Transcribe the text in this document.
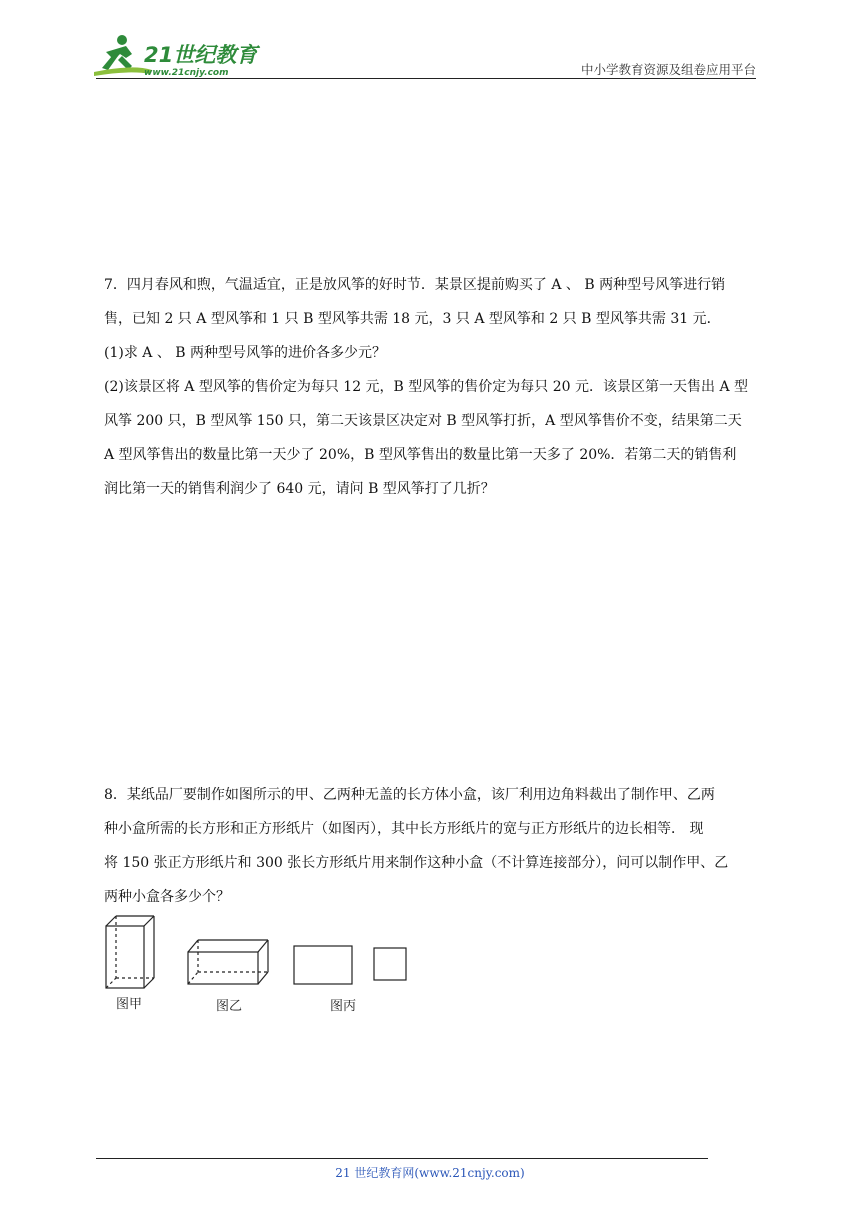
21世纪教育
www.21cnjy.com	中小学教育资源及组卷应用平台

7．四月春风和煦，气温适宜，正是放风筝的好时节．某景区提前购买了 A 、 B 两种型号风筝进行销

售，已知 2 只 A 型风筝和 1 只 B 型风筝共需 18 元，3 只 A 型风筝和 2 只 B 型风筝共需 31 元．

(1)求 A 、 B 两种型号风筝的进价各多少元？

(2)该景区将 A 型风筝的售价定为每只 12 元，B 型风筝的售价定为每只 20 元．该景区第一天售出 A 型

风筝 200 只，B 型风筝 150 只，第二天该景区决定对 B 型风筝打折，A 型风筝售价不变，结果第二天

A 型风筝售出的数量比第一天少了 20%，B 型风筝售出的数量比第一天多了 20%．若第二天的销售利

润比第一天的销售利润少了 640 元，请问 B 型风筝打了几折？

8．某纸品厂要制作如图所示的甲、乙两种无盖的长方体小盒，该厂利用边角料裁出了制作甲、乙两

种小盒所需的长方形和正方形纸片（如图丙），其中长方形纸片的宽与正方形纸片的边长相等． 现

将 150 张正方形纸片和 300 张长方形纸片用来制作这种小盒（不计算连接部分），问可以制作甲、乙

两种小盒各多少个？

图甲	图乙	图丙
21 世纪教育网(www.21cnjy.com)
